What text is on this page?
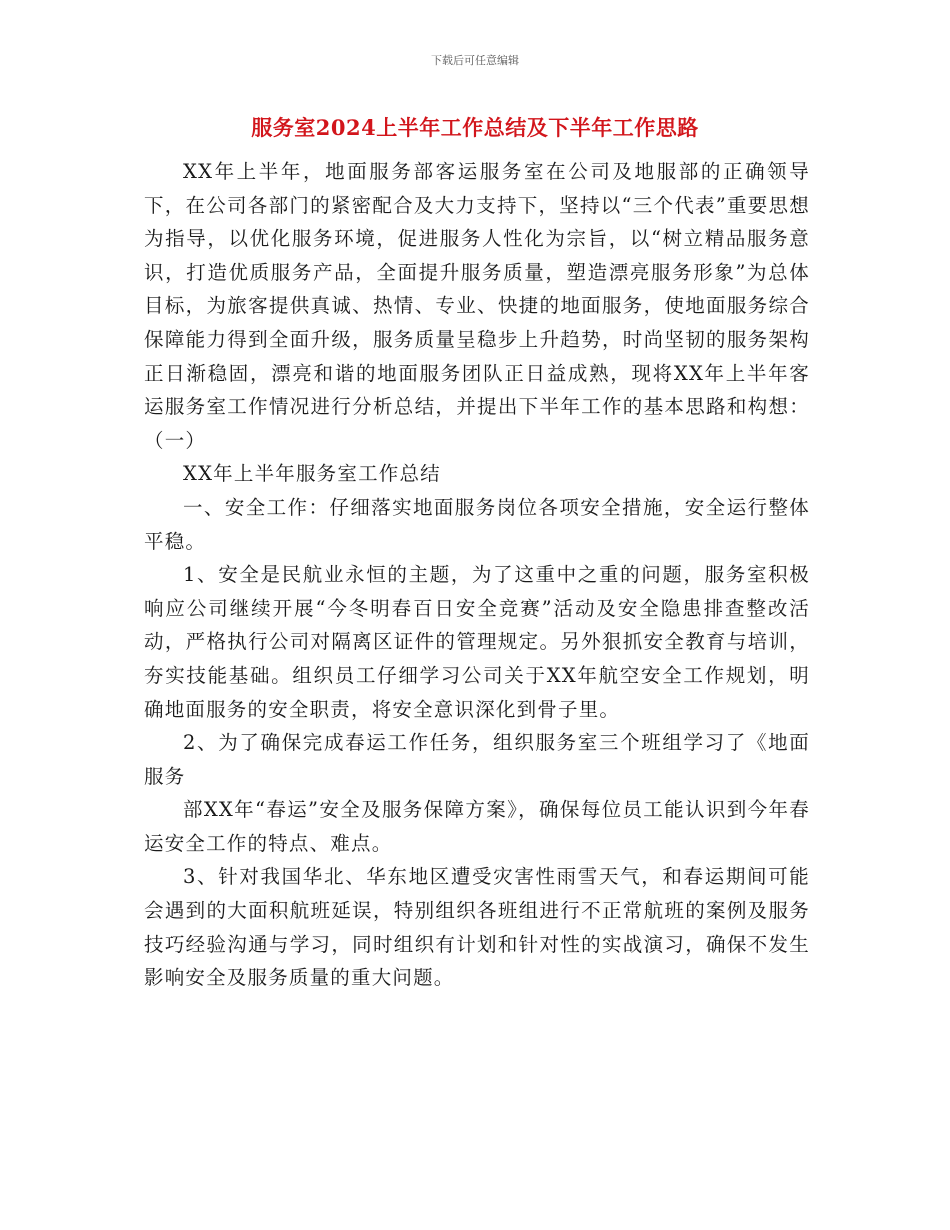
下载后可任意编辑
服务室2024上半年工作总结及下半年工作思路

XX年上半年，地面服务部客运服务室在公司及地服部的正确领导下，在公司各部门的紧密配合及大力支持下，坚持以“三个代表”重要思想为指导，以优化服务环境，促进服务人性化为宗旨，以“树立精品服务意识，打造优质服务产品，全面提升服务质量，塑造漂亮服务形象”为总体目标，为旅客提供真诚、热情、专业、快捷的地面服务，使地面服务综合保障能力得到全面升级，服务质量呈稳步上升趋势，时尚坚韧的服务架构正日渐稳固，漂亮和谐的地面服务团队正日益成熟，现将XX年上半年客运服务室工作情况进行分析总结，并提出下半年工作的基本思路和构想：（一）

XX年上半年服务室工作总结

一、安全工作：仔细落实地面服务岗位各项安全措施，安全运行整体平稳。

1、安全是民航业永恒的主题，为了这重中之重的问题，服务室积极响应公司继续开展“今冬明春百日安全竞赛”活动及安全隐患排查整改活动，严格执行公司对隔离区证件的管理规定。另外狠抓安全教育与培训，夯实技能基础。组织员工仔细学习公司关于XX年航空安全工作规划，明确地面服务的安全职责，将安全意识深化到骨子里。

2、为了确保完成春运工作任务，组织服务室三个班组学习了《地面服务

部XX年“春运”安全及服务保障方案》，确保每位员工能认识到今年春运安全工作的特点、难点。

3、针对我国华北、华东地区遭受灾害性雨雪天气，和春运期间可能会遇到的大面积航班延误，特别组织各班组进行不正常航班的案例及服务技巧经验沟通与学习，同时组织有计划和针对性的实战演习，确保不发生影响安全及服务质量的重大问题。
